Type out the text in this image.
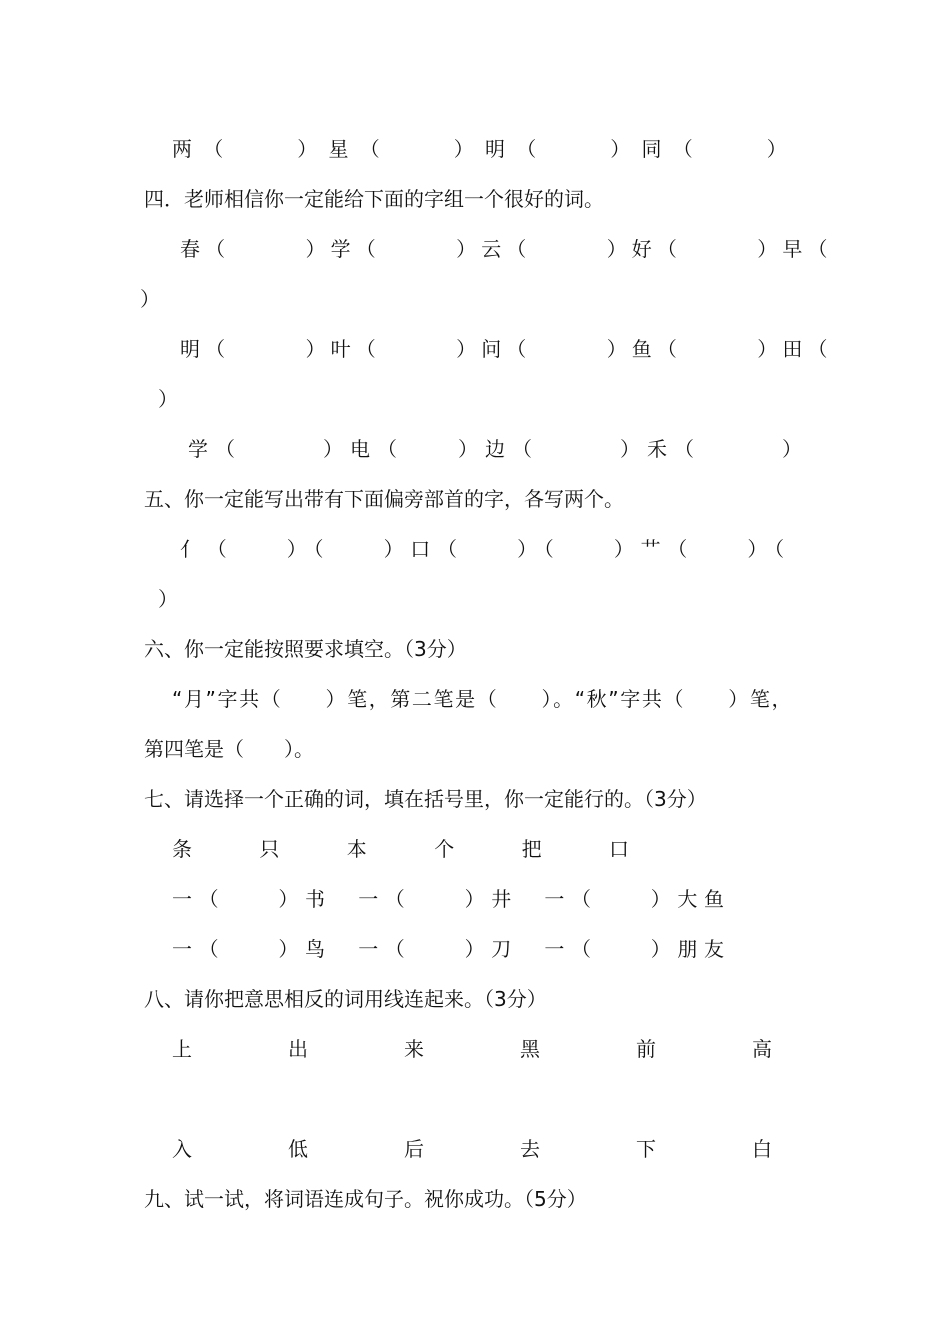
两（　　）星（　　）明（　　）同（　　）
四．老师相信你一定能给下面的字组一个很好的词。
春（　　　）学（　　　）云（　　　）好（　　　）早（
）
明（　　　）叶（　　　）问（　　　）鱼（　　　）田（
）
学（　　　）电（　　）边（　　　）禾（　　　）
五、你一定能写出带有下面偏旁部首的字，各写两个。
亻（　　）（　　）口（　　）（　　）艹（　　）（
）
六、你一定能按照要求填空。（3分）
“月”字共（　　）笔，第二笔是（　　）。“秋”字共（　　）笔，
第四笔是（　　）。
七、请选择一个正确的词，填在括号里，你一定能行的。（3分）
条　只　本　个　把　口
一（　　）书　一（　　）井　一（　　）大鱼
一（　　）鸟　一（　　）刀　一（　　）朋友
八、请你把意思相反的词用线连起来。（3分）
上　出　来　黑　前　高
入　低　后　去　下　白
九、试一试，将词语连成句子。祝你成功。（5分）
